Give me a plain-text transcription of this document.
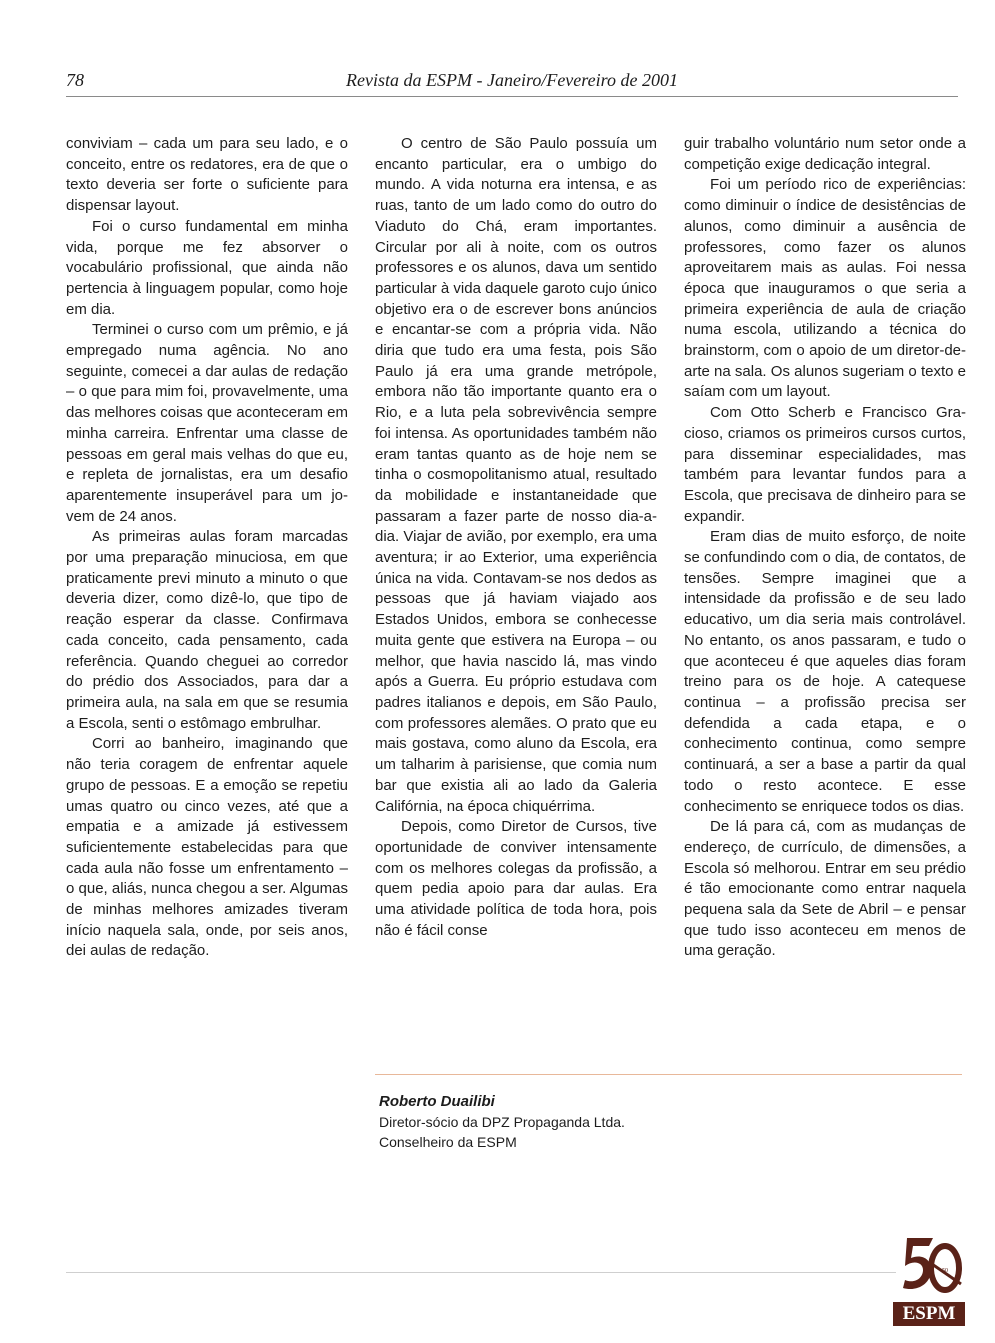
78	Revista da ESPM - Janeiro/Fevereiro de 2001

conviviam – cada um para seu lado, e o conceito, entre os redatores, era de que o texto deveria ser forte o suficiente para dispensar layout.

Foi o curso fundamental em minha vida, porque me fez absorver o vocabulário profissional, que ainda não pertencia à linguagem popular, como hoje em dia.

Terminei o curso com um prêmio, e já empregado numa agência. No ano seguinte, comecei a dar aulas de redação – o que para mim foi, provavelmente, uma das melhores coisas que aconteceram em minha carreira. Enfrentar uma classe de pessoas em geral mais velhas do que eu, e repleta de jornalistas, era um desafio aparentemente insuperável para um jovem de 24 anos.

As primeiras aulas foram marcadas por uma preparação minuciosa, em que praticamente previ minuto a minuto o que deveria dizer, como dizê-lo, que tipo de reação esperar da classe. Confirmava cada conceito, cada pensamento, cada referência. Quando cheguei ao corredor do prédio dos Associados, para dar a primeira aula, na sala em que se resumia a Escola, senti o estômago embrulhar.

Corri ao banheiro, imaginando que não teria coragem de enfrentar aquele grupo de pessoas. E a emoção se repetiu umas quatro ou cinco vezes, até que a empatia e a amizade já estivessem suficientemente estabelecidas para que cada aula não fosse um enfrentamento – o que, aliás, nunca chegou a ser. Algumas de minhas melhores amizades tiveram início naquela sala, onde, por seis anos, dei aulas de redação.

O centro de São Paulo possuía um encanto particular, era o umbigo do mundo. A vida noturna era intensa, e as ruas, tanto de um lado como do outro do Viaduto do Chá, eram importantes. Circular por ali à noite, com os outros professores e os alunos, dava um sentido particular à vida daquele garoto cujo único objetivo era o de escrever bons anúncios e encantar-se com a própria vida. Não diria que tudo era uma festa, pois São Paulo já era uma grande metrópole, embora não tão importante quanto era o Rio, e a luta pela sobrevivência sempre foi intensa. As oportunidades também não eram tantas quanto as de hoje nem se tinha o cosmopolitanismo atual, resultado da mobilidade e instantaneidade que passaram a fazer parte de nosso dia-a-dia. Viajar de avião, por exemplo, era uma aventura; ir ao Exterior, uma experiência única na vida. Contavam-se nos dedos as pessoas que já haviam viajado aos Estados Unidos, embora se conhecesse muita gente que estivera na Europa – ou melhor, que havia nascido lá, mas vindo após a Guerra. Eu próprio estudava com padres italianos e depois, em São Paulo, com professores alemães. O prato que eu mais gostava, como aluno da Escola, era um talharim à parisiense, que comia num bar que existia ali ao lado da Galeria Califórnia, na época chiquérrima.

Depois, como Diretor de Cursos, tive oportunidade de conviver intensamente com os melhores colegas da profissão, a quem pedia apoio para dar aulas. Era uma atividade política de toda hora, pois não é fácil conse

guir trabalho voluntário num setor onde a competição exige dedicação integral.

Foi um período rico de experiências: como diminuir o índice de desistências de alunos, como diminuir a ausência de professores, como fazer os alunos aproveitarem mais as aulas. Foi nessa época que inauguramos o que seria a primeira experiência de aula de criação numa escola, utilizando a técnica do brainstorm, com o apoio de um diretor-de-arte na sala. Os alunos sugeriam o texto e saíam com um layout.

Com Otto Scherb e Francisco Gracioso, criamos os primeiros cursos curtos, para disseminar especialidades, mas também para levantar fundos para a Escola, que precisava de dinheiro para se expandir.

Eram dias de muito esforço, de noite se confundindo com o dia, de contatos, de tensões. Sempre imaginei que a intensidade da profissão e de seu lado educativo, um dia seria mais controlável. No entanto, os anos passaram, e tudo o que aconteceu é que aqueles dias foram treino para os de hoje. A catequese continua – a profissão precisa ser defendida a cada etapa, e o conhecimento continua, como sempre continuará, a ser a base a partir da qual todo o resto acontece. E esse conhecimento se enriquece todos os dias.

De lá para cá, com as mudanças de endereço, de currículo, de dimensões, a Escola só melhorou. Entrar em seu prédio é tão emocionante como entrar naquela pequena sala da Sete de Abril – e pensar que tudo isso aconteceu em menos de uma geração.

Roberto Duailibi
Diretor-sócio da DPZ Propaganda Ltda.
Conselheiro da ESPM
50
ESPM
